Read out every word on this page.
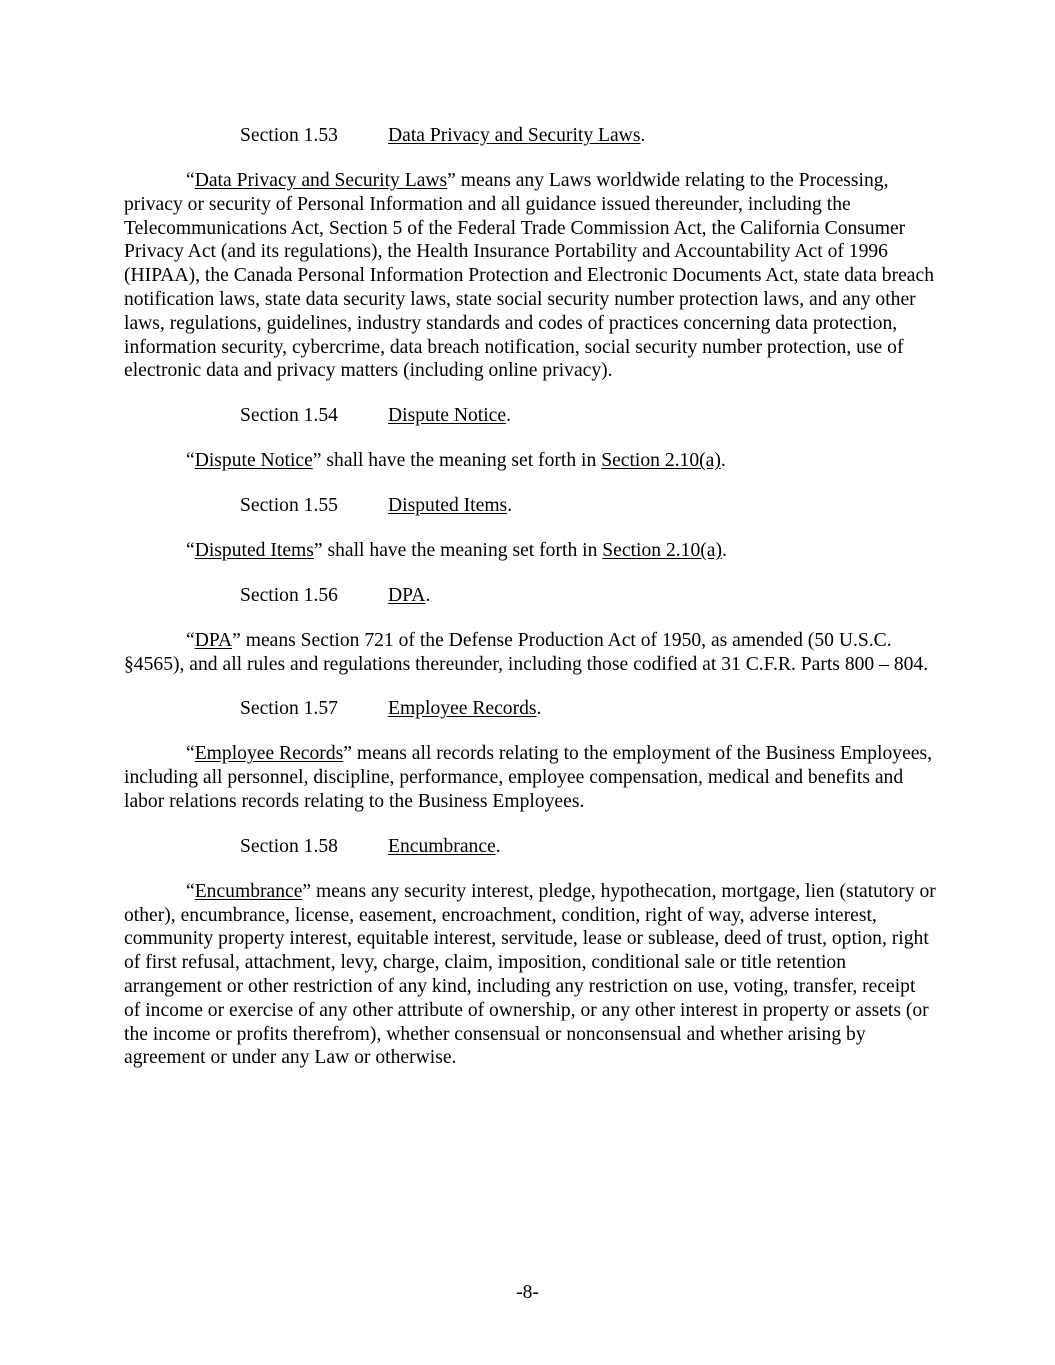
Section 1.53	Data Privacy and Security Laws.

“Data Privacy and Security Laws” means any Laws worldwide relating to the Processing, privacy or security of Personal Information and all guidance issued thereunder, including the Telecommunications Act, Section 5 of the Federal Trade Commission Act, the California Consumer Privacy Act (and its regulations), the Health Insurance Portability and Accountability Act of 1996 (HIPAA), the Canada Personal Information Protection and Electronic Documents Act, state data breach notification laws, state data security laws, state social security number protection laws, and any other laws, regulations, guidelines, industry standards and codes of practices concerning data protection, information security, cybercrime, data breach notification, social security number protection, use of electronic data and privacy matters (including online privacy).

Section 1.54	Dispute Notice.

“Dispute Notice” shall have the meaning set forth in Section 2.10(a).

Section 1.55	Disputed Items.

“Disputed Items” shall have the meaning set forth in Section 2.10(a).

Section 1.56	DPA.

“DPA” means Section 721 of the Defense Production Act of 1950, as amended (50 U.S.C. §4565), and all rules and regulations thereunder, including those codified at 31 C.F.R. Parts 800 – 804.

Section 1.57	Employee Records.

“Employee Records” means all records relating to the employment of the Business Employees, including all personnel, discipline, performance, employee compensation, medical and benefits and labor relations records relating to the Business Employees.

Section 1.58	Encumbrance.

“Encumbrance” means any security interest, pledge, hypothecation, mortgage, lien (statutory or other), encumbrance, license, easement, encroachment, condition, right of way, adverse interest, community property interest, equitable interest, servitude, lease or sublease, deed of trust, option, right of first refusal, attachment, levy, charge, claim, imposition, conditional sale or title retention arrangement or other restriction of any kind, including any restriction on use, voting, transfer, receipt of income or exercise of any other attribute of ownership, or any other interest in property or assets (or the income or profits therefrom), whether consensual or nonconsensual and whether arising by agreement or under any Law or otherwise.

-8-
